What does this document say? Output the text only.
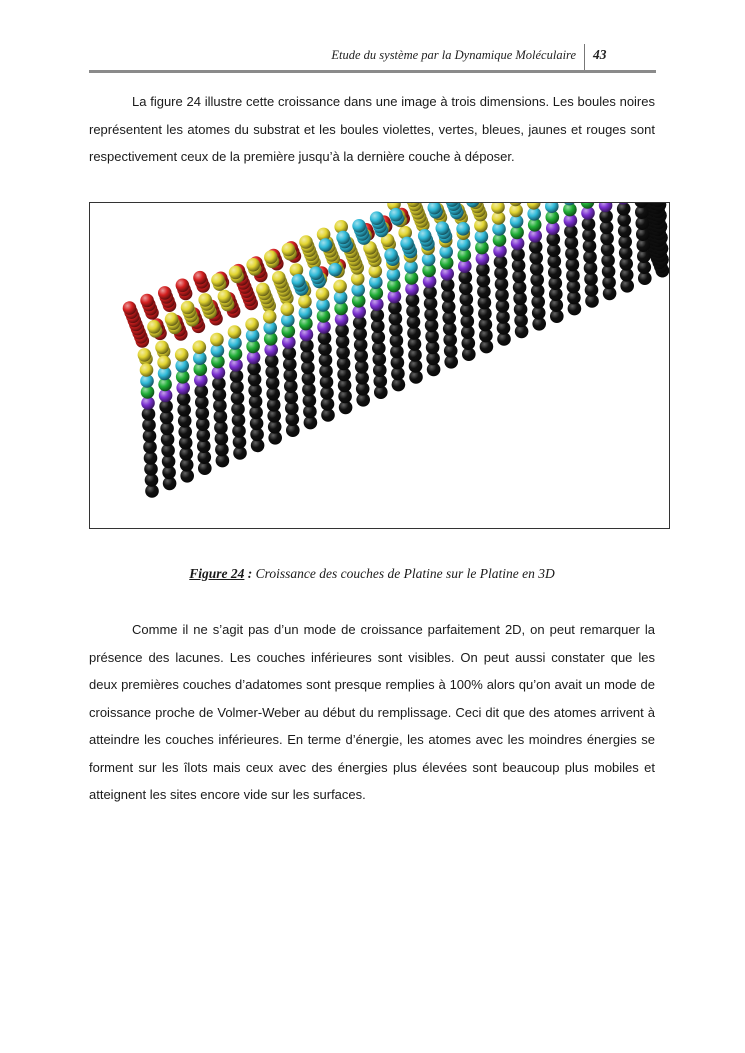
Etude du système par la Dynamique Moléculaire 43

La figure 24 illustre cette croissance dans une image à trois dimensions. Les boules noires représentent les atomes du substrat et les boules violettes, vertes, bleues, jaunes et rouges sont respectivement ceux de la première jusqu’à la dernière couche à déposer.

Figure 24 : Croissance des couches de Platine sur le Platine en 3D

Comme il ne s’agit pas d’un mode de croissance parfaitement 2D, on peut remarquer la présence des lacunes. Les couches inférieures sont visibles. On peut aussi constater que les deux premières couches d’adatomes sont presque remplies à 100% alors qu’on avait un mode de croissance proche de Volmer-Weber au début du remplissage. Ceci dit que des atomes arrivent à atteindre les couches inférieures. En terme d’énergie, les atomes avec les moindres énergies se forment sur les îlots mais ceux avec des énergies plus élevées sont beaucoup plus mobiles et atteignent les sites encore vide sur les surfaces.
